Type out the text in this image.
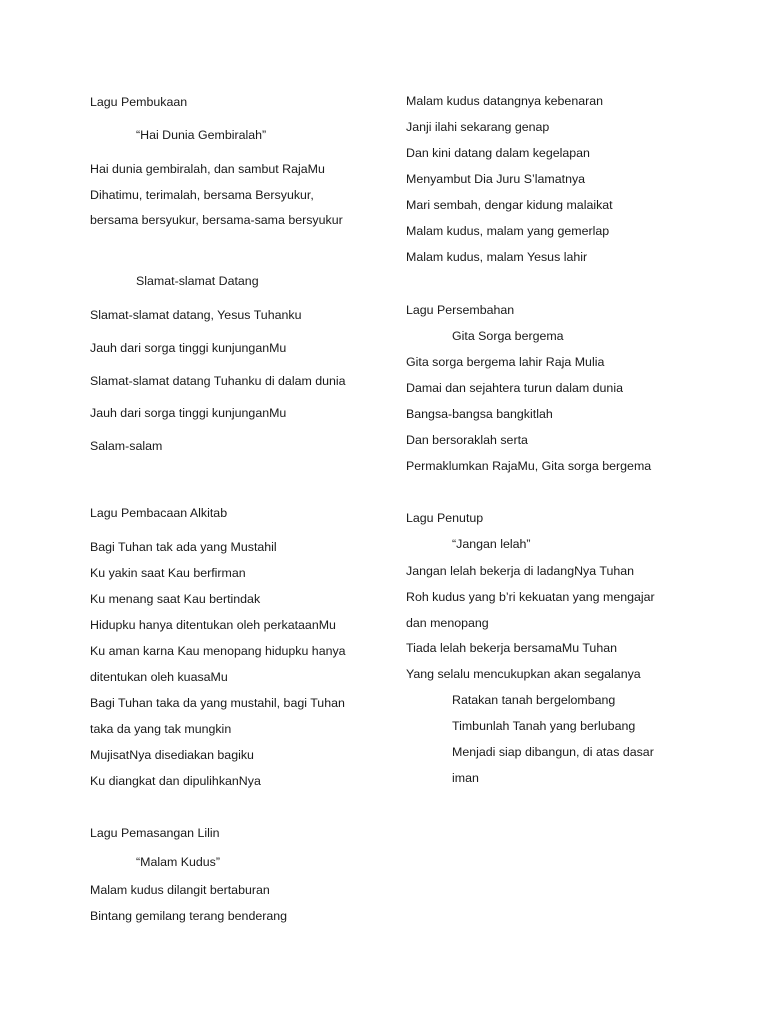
Lagu Pembukaan
“Hai Dunia Gembiralah”
Hai dunia gembiralah, dan sambut RajaMu
Dihatimu, terimalah, bersama Bersyukur,
bersama bersyukur, bersama-sama bersyukur
Slamat-slamat Datang
Slamat-slamat datang, Yesus Tuhanku
Jauh dari sorga tinggi kunjunganMu
Slamat-slamat datang Tuhanku di dalam dunia
Jauh dari sorga tinggi kunjunganMu
Salam-salam
Lagu Pembacaan Alkitab
Bagi Tuhan tak ada yang Mustahil
Ku yakin saat Kau berfirman
Ku menang saat Kau bertindak
Hidupku hanya ditentukan oleh perkataanMu
Ku aman karna Kau menopang hidupku hanya
ditentukan oleh kuasaMu
Bagi Tuhan taka da yang mustahil, bagi Tuhan
taka da yang tak mungkin
MujisatNya disediakan bagiku
Ku diangkat dan dipulihkanNya
Lagu Pemasangan Lilin
“Malam Kudus”
Malam kudus dilangit bertaburan
Bintang gemilang terang benderang
Malam kudus datangnya kebenaran
Janji ilahi sekarang genap
Dan kini datang dalam kegelapan
Menyambut Dia Juru S’lamatnya
Mari sembah, dengar kidung malaikat
Malam kudus, malam yang gemerlap
Malam kudus, malam Yesus lahir
Lagu Persembahan
Gita Sorga bergema
Gita sorga bergema lahir Raja Mulia
Damai dan sejahtera turun dalam dunia
Bangsa-bangsa bangkitlah
Dan bersoraklah serta
Permaklumkan RajaMu, Gita sorga bergema
Lagu Penutup
“Jangan lelah”
Jangan lelah bekerja di ladangNya Tuhan
Roh kudus yang b’ri kekuatan yang mengajar
dan menopang
Tiada lelah bekerja bersamaMu Tuhan
Yang selalu mencukupkan akan segalanya
Ratakan tanah bergelombang
Timbunlah Tanah yang berlubang
Menjadi siap dibangun, di atas dasar
iman
